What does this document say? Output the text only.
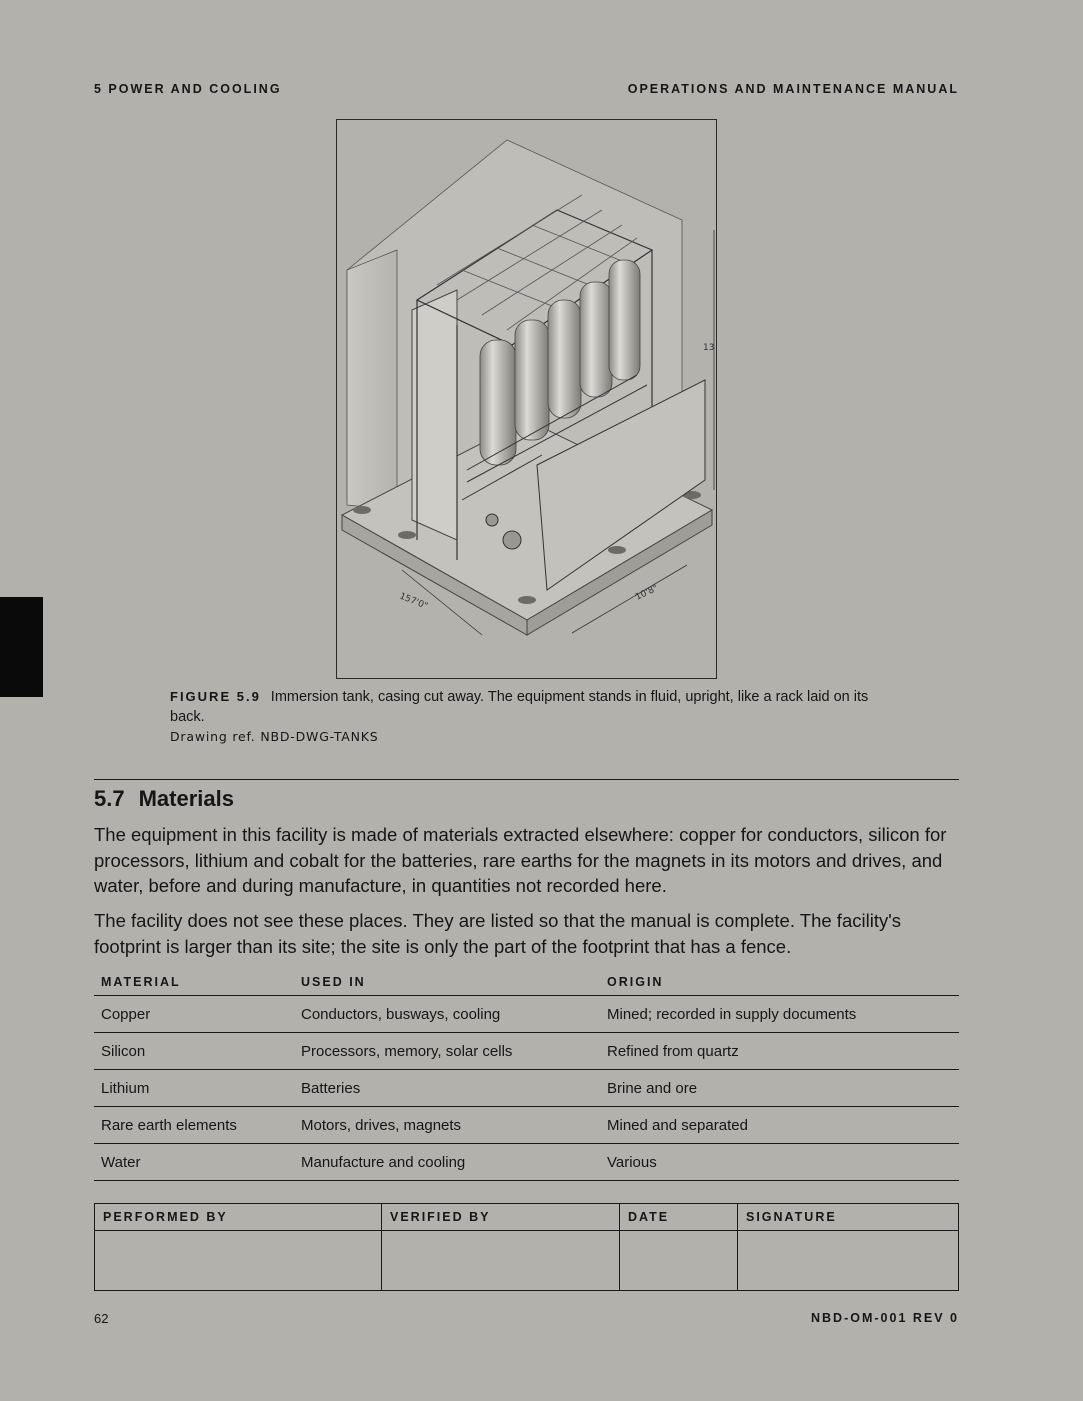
5 POWER AND COOLING	OPERATIONS AND MAINTENANCE MANUAL
13
157'0"	10'8"
FIGURE 5.9 Immersion tank, casing cut away. The equipment stands in fluid, upright, like a rack laid on its back.
Drawing ref. NBD-DWG-TANKS
5.7 Materials

The equipment in this facility is made of materials extracted elsewhere: copper for conductors, silicon for processors, lithium and cobalt for the batteries, rare earths for the magnets in its motors and drives, and water, before and during manufacture, in quantities not recorded here.

The facility does not see these places. They are listed so that the manual is complete. The facility's footprint is larger than its site; the site is only the part of the footprint that has a fence.

MATERIAL	USED IN	ORIGIN
Copper	Conductors, busways, cooling	Mined; recorded in supply documents
Silicon	Processors, memory, solar cells	Refined from quartz
Lithium	Batteries	Brine and ore
Rare earth elements	Motors, drives, magnets	Mined and separated
Water	Manufacture and cooling	Various
PERFORMED BY	VERIFIED BY	DATE	SIGNATURE

62	NBD-OM-001 REV 0
